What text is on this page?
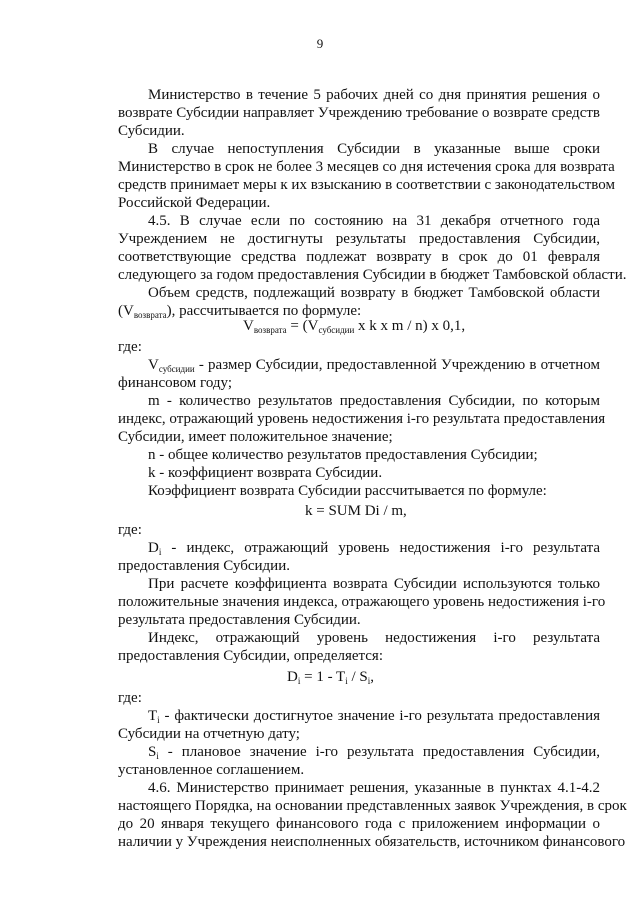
9
Министерство в течение 5 рабочих дней со дня принятия решения о
возврате Субсидии направляет Учреждению требование о возврате средств
Субсидии.
В случае непоступления Субсидии в указанные выше сроки
Министерство в срок не более 3 месяцев со дня истечения срока для возврата
средств принимает меры к их взысканию в соответствии с законодательством
Российской Федерации.
4.5. В случае если по состоянию на 31 декабря отчетного года
Учреждением не достигнуты результаты предоставления Субсидии,
соответствующие средства подлежат возврату в срок до 01 февраля
следующего за годом предоставления Субсидии в бюджет Тамбовской области.
Объем средств, подлежащий возврату в бюджет Тамбовской области
$(V_{возврата})$, рассчитывается по формуле:
$V_{возврата} = (V_{субсидии}$ x k x m / n) x 0,1,
где:
$V_{субсидии}$ - размер Субсидии, предоставленной Учреждению в отчетном
финансовом году;
m - количество результатов предоставления Субсидии, по которым
индекс, отражающий уровень недостижения i-го результата предоставления
Субсидии, имеет положительное значение;
n - общее количество результатов предоставления Субсидии;
k - коэффициент возврата Субсидии.
Коэффициент возврата Субсидии рассчитывается по формуле:
k = SUM Di / m,
где:
$D_i$ - индекс, отражающий уровень недостижения i-го результата
предоставления Субсидии.
При расчете коэффициента возврата Субсидии используются только
положительные значения индекса, отражающего уровень недостижения i-го
результата предоставления Субсидии.
Индекс, отражающий уровень недостижения i-го результата
предоставления Субсидии, определяется:
$D_i = 1 - T_i / S_i$,
где:
$T_i$ - фактически достигнутое значение i-го результата предоставления
Субсидии на отчетную дату;
$S_i$ - плановое значение i-го результата предоставления Субсидии,
установленное соглашением.
4.6. Министерство принимает решения, указанные в пунктах 4.1-4.2
настоящего Порядка, на основании представленных заявок Учреждения, в срок
до 20 января текущего финансового года с приложением информации о
наличии у Учреждения неисполненных обязательств, источником финансового
